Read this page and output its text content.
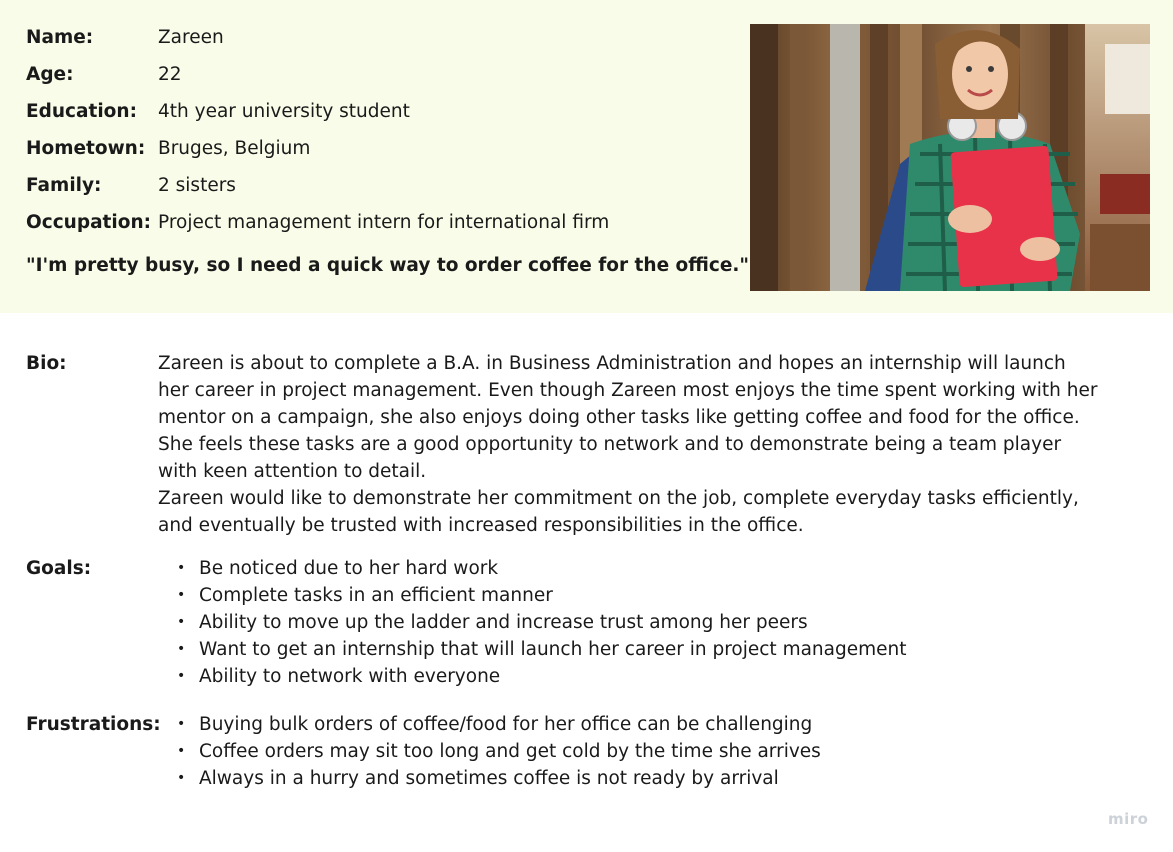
Name:	Zareen
Age:	22
Education: 4th year university student
Hometown: Bruges, Belgium
Family:	2 sisters
Occupation: Project management intern for international firm
"I'm pretty busy, so I need a quick way to order coffee for the office."
Bio:	Zareen is about to complete a B.A. in Business Administration and hopes an internship will launch her career in project management. Even though Zareen most enjoys the time spent working with her mentor on a campaign, she also enjoys doing other tasks like getting coffee and food for the office. She feels these tasks are a good opportunity to network and to demonstrate being a team player with keen attention to detail.

Zareen would like to demonstrate her commitment on the job, complete everyday tasks efficiently, and eventually be trusted with increased responsibilities in the office.

Goals:	• Be noticed due to her hard work
• Complete tasks in an efficient manner
• Ability to move up the ladder and increase trust among her peers
• Want to get an internship that will launch her career in project management
• Ability to network with everyone
Frustrations:	• Buying bulk orders of coffee/food for her office can be challenging
• Coffee orders may sit too long and get cold by the time she arrives
• Always in a hurry and sometimes coffee is not ready by arrival
miro
